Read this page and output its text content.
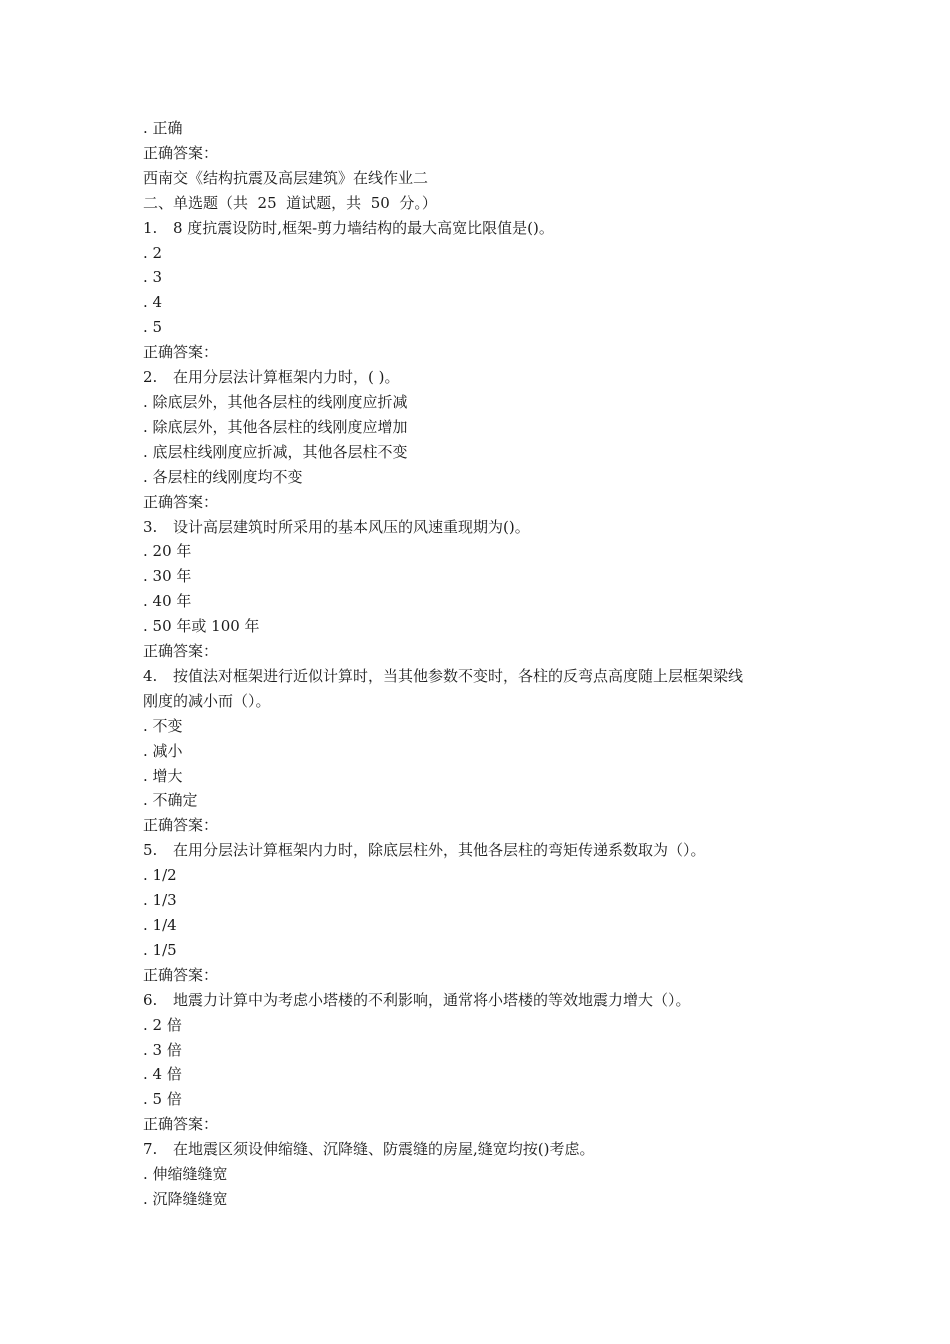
. 正确

正确答案：

西南交《结构抗震及高层建筑》在线作业二

二、单选题（共  25  道试题，共  50  分。）

1. 8 度抗震设防时,框架-剪力墙结构的最大高宽比限值是()。

. 2

. 3

. 4

. 5

正确答案：

2. 在用分层法计算框架内力时，( )。

. 除底层外，其他各层柱的线刚度应折减

. 除底层外，其他各层柱的线刚度应增加

. 底层柱线刚度应折减，其他各层柱不变

. 各层柱的线刚度均不变

正确答案：

3. 设计高层建筑时所采用的基本风压的风速重现期为()。

. 20 年

. 30 年

. 40 年

. 50 年或 100 年

正确答案：

4. 按值法对框架进行近似计算时，当其他参数不变时，各柱的反弯点高度随上层框架梁线

刚度的减小而（）。

. 不变

. 减小

. 增大

. 不确定

正确答案：

5. 在用分层法计算框架内力时，除底层柱外，其他各层柱的弯矩传递系数取为（）。

. 1/2

. 1/3

. 1/4

. 1/5

正确答案：

6. 地震力计算中为考虑小塔楼的不利影响，通常将小塔楼的等效地震力增大（）。

. 2 倍

. 3 倍

. 4 倍

. 5 倍

正确答案：

7. 在地震区须设伸缩缝、沉降缝、防震缝的房屋,缝宽均按()考虑。

. 伸缩缝缝宽

. 沉降缝缝宽
